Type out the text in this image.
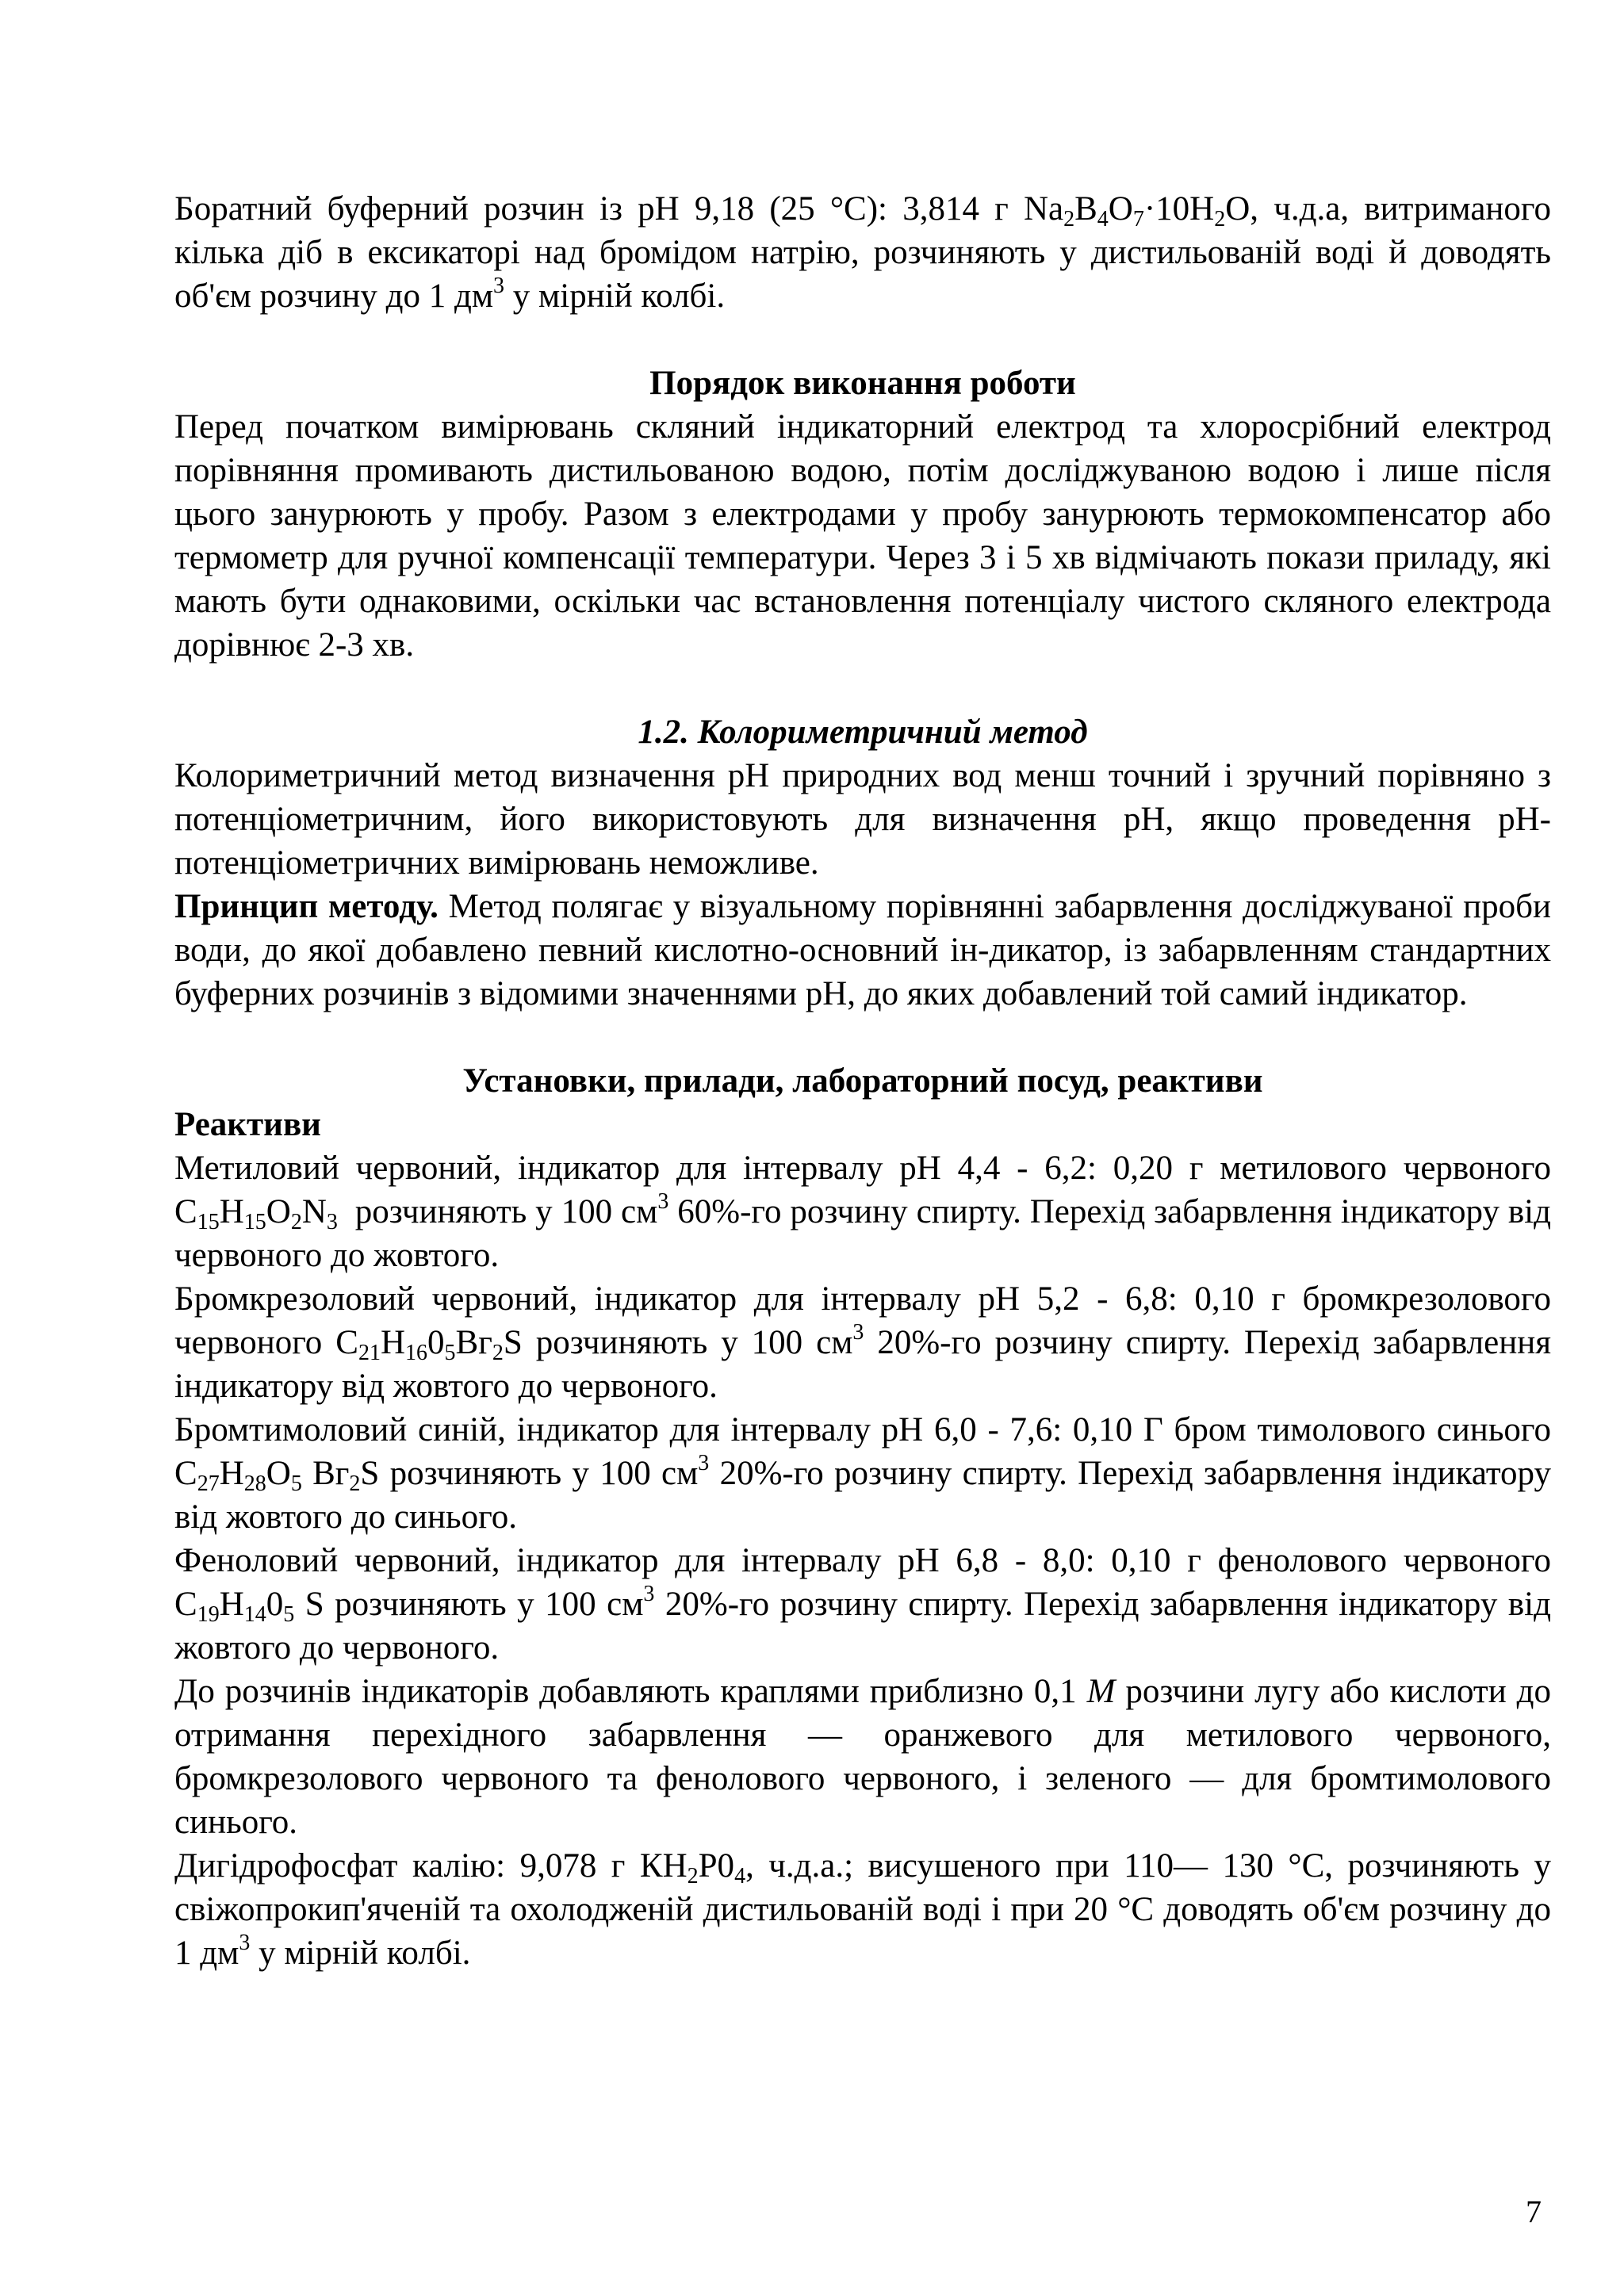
Боратний буферний розчин із рН 9,18 (25 °С): 3,814 г $Na_2B_4O_7\cdot 10H_2O$, ч.д.а, витриманого кілька діб в ексикаторі над бромідом натрію, розчиняють у дистильованій воді й доводять об'єм розчину до 1 $дм^3$ у мірній колбі.

Порядок виконання роботи

Перед початком вимірювань скляний індикаторний електрод та хлоросрібний електрод порівняння промивають дистильованою водою, потім досліджуваною водою і лише після цього занурюють у пробу. Разом з електродами у пробу занурюють термокомпенсатор або термометр для ручної компенсації температури. Через 3 і 5 хв відмічають покази приладу, які мають бути однаковими, оскільки час встановлення потенціалу чистого скляного електрода дорівнює 2-3 хв.

1.2. Колориметричний метод

Колориметричний метод визначення рН природних вод менш точний і зручний порівняно з потенціометричним, його використовують для визначення рН, якщо проведення рН-потенціометричних вимірювань неможливе.

Принцип методу. Метод полягає у візуальному порівнянні забарвлення досліджуваної проби води, до якої добавлено певний кислотно-основний ін-дикатор, із забарвленням стандартних буферних розчинів з відомими значеннями рН, до яких добавлений той самий індикатор.

Установки, прилади, лабораторний посуд, реактиви

Реактиви

Метиловий червоний, індикатор для інтервалу рН 4,4 - 6,2: 0,20 г метилового червоного $С_{15}Н_{15}О_2N_3$  розчиняють у 100 $см^3$ 60%-го розчину спирту. Перехід забарвлення індикатору від червоного до жовтого.

Бромкрезоловий червоний, індикатор для інтервалу рН 5,2 - 6,8: 0,10 г бромкрезолового червоного $С_{21}Н_{16}0_5Вг_2S$ розчиняють у 100 $см^3$ 20%-го розчину спирту. Перехід забарвлення індикатору від жовтого до червоного.

Бромтимоловий синій, індикатор для інтервалу рН 6,0 - 7,6: 0,10 Г бром тимолового синього $С_{27}Н_{28}О_5$ $Вг_2S$ розчиняють у 100 $см^3$ 20%-го розчину спирту. Перехід забарвлення індикатору від жовтого до синього.

Феноловий червоний, індикатор для інтервалу рН 6,8 - 8,0: 0,10 г фенолового червоного $С_{19}Н_{14}0_5$ S розчиняють у 100 $см^3$ 20%-го розчину спирту. Перехід забарвлення індикатору від жовтого до червоного.

До розчинів індикаторів добавляють краплями приблизно 0,1 М розчини лугу або кислоти до отримання перехідного забарвлення — оранжевого для метилового червоного, бромкрезолового червоного та фенолового червоного, і зеленого — для бромтимолового синього.

Дигідрофосфат калію: 9,078 г $КН_2Р0_4$, ч.д.а.; висушеного при 110— 130 °С, розчиняють у свіжопрокип'яченій та охолодженій дистильованій воді і при 20 °С доводять об'єм розчину до 1 $дм^3$ у мірній колбі.

7
